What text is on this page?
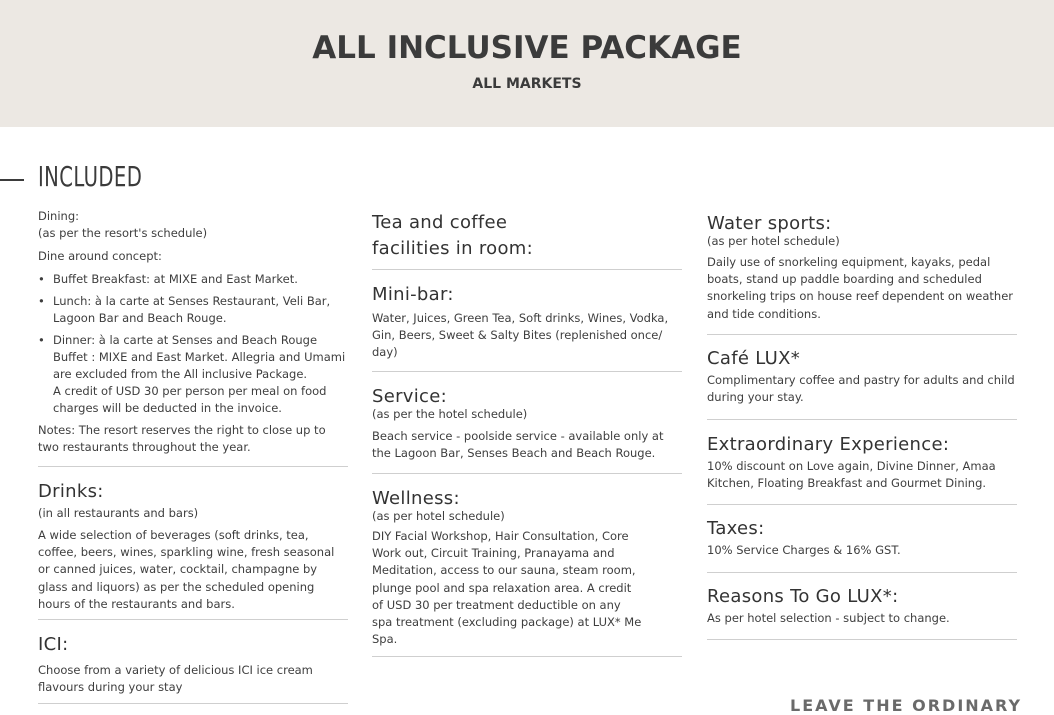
ALL INCLUSIVE PACKAGE
ALL MARKETS
INCLUDED

Dining:

(as per the resort's schedule)

Dine around concept:

• Buffet Breakfast: at MIXE and East Market.
• Lunch: à la carte at Senses Restaurant, Veli Bar, Lagoon Bar and Beach Rouge.
• Dinner: à la carte at Senses and Beach Rouge Buffet : MIXE and East Market. Allegria and Umami are excluded from the All inclusive Package.

A credit of USD 30 per person per meal on food charges will be deducted in the invoice.

Notes: The resort reserves the right to close up to two restaurants throughout the year.

Drinks:

(in all restaurants and bars)

A wide selection of beverages (soft drinks, tea, coffee, beers, wines, sparkling wine, fresh seasonal or canned juices, water, cocktail, champagne by glass and liquors) as per the scheduled opening hours of the restaurants and bars.

ICI:

Choose from a variety of delicious ICI ice cream flavours during your stay

Tea and coffee

facilities in room:

Mini-bar:

Water, Juices, Green Tea, Soft drinks, Wines, Vodka, Gin, Beers, Sweet & Salty Bites (replenished once/ day)

Service:

(as per the hotel schedule)

Beach service - poolside service - available only at the Lagoon Bar, Senses Beach and Beach Rouge.

Wellness:

(as per hotel schedule)

DIY Facial Workshop, Hair Consultation, Core Work out, Circuit Training, Pranayama and Meditation, access to our sauna, steam room, plunge pool and spa relaxation area. A credit of USD 30 per treatment deductible on any spa treatment (excluding package) at LUX* Me Spa.

Water sports:

(as per hotel schedule)

Daily use of snorkeling equipment, kayaks, pedal boats, stand up paddle boarding and scheduled snorkeling trips on house reef dependent on weather and tide conditions.

Café LUX*

Complimentary coffee and pastry for adults and child during your stay.

Extraordinary Experience:

10% discount on Love again, Divine Dinner, Amaa Kitchen, Floating Breakfast and Gourmet Dining.

Taxes:

10% Service Charges & 16% GST.

Reasons To Go LUX*:

As per hotel selection - subject to change.

LEAVE THE ORDINARY
